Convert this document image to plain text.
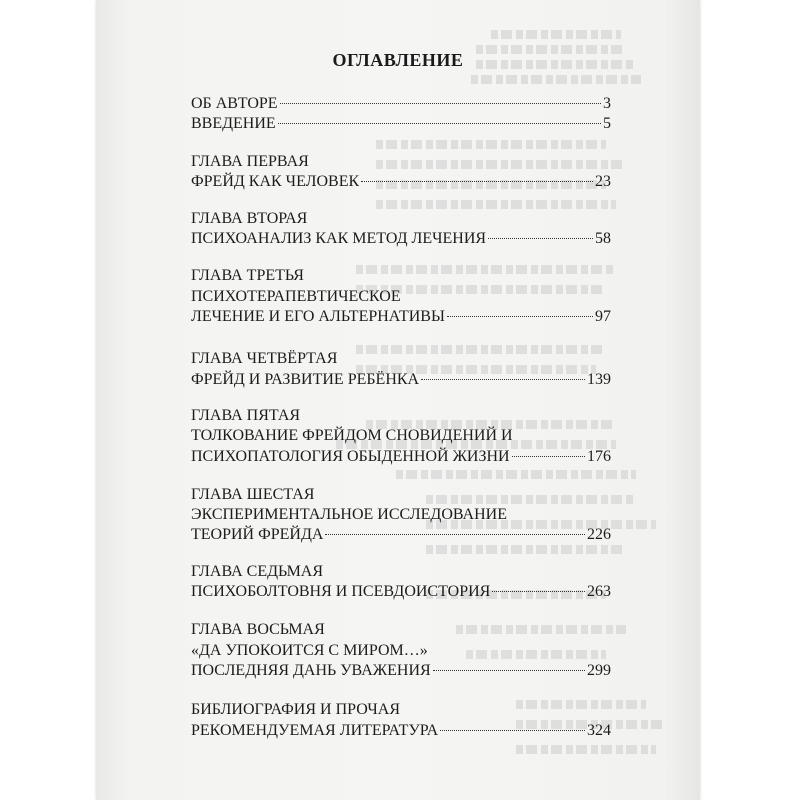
ОГЛАВЛЕНИЕ
ОБ АВТОРЕ	3
ВВЕДЕНИЕ	5
ГЛАВА ПЕРВАЯ
ФРЕЙД КАК ЧЕЛОВЕК	23
ГЛАВА ВТОРАЯ
ПСИХОАНАЛИЗ КАК МЕТОД ЛЕЧЕНИЯ	58
ГЛАВА ТРЕТЬЯ
ПСИХОТЕРАПЕВТИЧЕСКОЕ
ЛЕЧЕНИЕ И ЕГО АЛЬТЕРНАТИВЫ	97
ГЛАВА ЧЕТВЁРТАЯ
ФРЕЙД И РАЗВИТИЕ РЕБЁНКА	139
ГЛАВА ПЯТАЯ
ТОЛКОВАНИЕ ФРЕЙДОМ СНОВИДЕНИЙ И
ПСИХОПАТОЛОГИЯ ОБЫДЕННОЙ ЖИЗНИ	176
ГЛАВА ШЕСТАЯ
ЭКСПЕРИМЕНТАЛЬНОЕ ИССЛЕДОВАНИЕ
ТЕОРИЙ ФРЕЙДА	226
ГЛАВА СЕДЬМАЯ
ПСИХОБОЛТОВНЯ И ПСЕВДОИСТОРИЯ	263
ГЛАВА ВОСЬМАЯ
«ДА УПОКОИТСЯ С МИРОМ…»
ПОСЛЕДНЯЯ ДАНЬ УВАЖЕНИЯ	299
БИБЛИОГРАФИЯ И ПРОЧАЯ
РЕКОМЕНДУЕМАЯ ЛИТЕРАТУРА	324
